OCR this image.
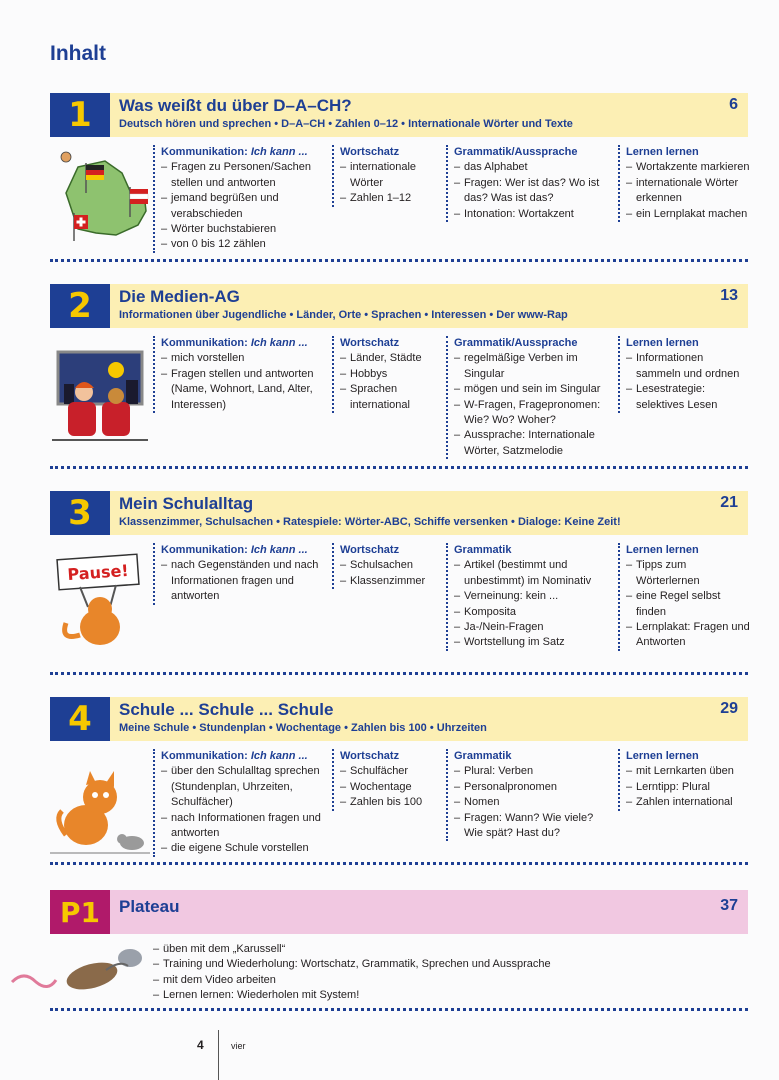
Inhalt
1	Was weißt du über D–A–CH?
Deutsch hören und sprechen • D–A–CH • Zahlen 0–12 • Internationale Wörter und Texte
6
Kommunikation: Ich kann ...
– Fragen zu Personen/Sachen stellen und antworten
– jemand begrüßen und verabschieden
– Wörter buchstabieren
– von 0 bis 12 zählen
Wortschatz
– internationale Wörter
– Zahlen 1–12
Grammatik/Aussprache
– das Alphabet
– Fragen: Wer ist das? Wo ist das? Was ist das?
– Intonation: Wortakzent
Lernen lernen
– Wortakzente markieren
– internationale Wörter erkennen
– ein Lernplakat machen
2	Die Medien-AG
Informationen über Jugendliche • Länder, Orte • Sprachen • Interessen • Der www-Rap
13
Kommunikation: Ich kann ...
– mich vorstellen
– Fragen stellen und antworten (Name, Wohnort, Land, Alter, Interessen)
Wortschatz
– Länder, Städte
– Hobbys
– Sprachen international
Grammatik/Aussprache
– regelmäßige Verben im Singular
– mögen und sein im Singular
– W-Fragen, Fragepronomen: Wie? Wo? Woher?
– Aussprache: Internationale Wörter, Satzmelodie
Lernen lernen
– Informationen sammeln und ordnen
– Lesestrategie: selektives Lesen
3	Mein Schulalltag
Klassenzimmer, Schulsachen • Ratespiele: Wörter-ABC, Schiffe versenken • Dialoge: Keine Zeit!
21
Pause!
Kommunikation: Ich kann ...
– nach Gegenständen und nach Informationen fragen und antworten
Wortschatz
– Schulsachen
– Klassenzimmer
Grammatik
– Artikel (bestimmt und unbestimmt) im Nominativ
– Verneinung: kein ...
– Komposita
– Ja-/Nein-Fragen
– Wortstellung im Satz
Lernen lernen
– Tipps zum Wörterlernen
– eine Regel selbst finden
– Lernplakat: Fragen und Antworten
4	Schule ... Schule ... Schule
Meine Schule • Stundenplan • Wochentage • Zahlen bis 100 • Uhrzeiten
29
Kommunikation: Ich kann ...
– über den Schulalltag sprechen (Stundenplan, Uhrzeiten, Schulfächer)
– nach Informationen fragen und antworten
– die eigene Schule vorstellen
Wortschatz
– Schulfächer
– Wochentage
– Zahlen bis 100
Grammatik
– Plural: Verben
– Personalpronomen
– Nomen
– Fragen: Wann? Wie viele? Wie spät? Hast du?
Lernen lernen
– mit Lernkarten üben
– Lerntipp: Plural
– Zahlen international
P1	Plateau	37
– üben mit dem „Karussell“
– Training und Wiederholung: Wortschatz, Grammatik, Sprechen und Aussprache
– mit dem Video arbeiten
– Lernen lernen: Wiederholen mit System!
4	vier
